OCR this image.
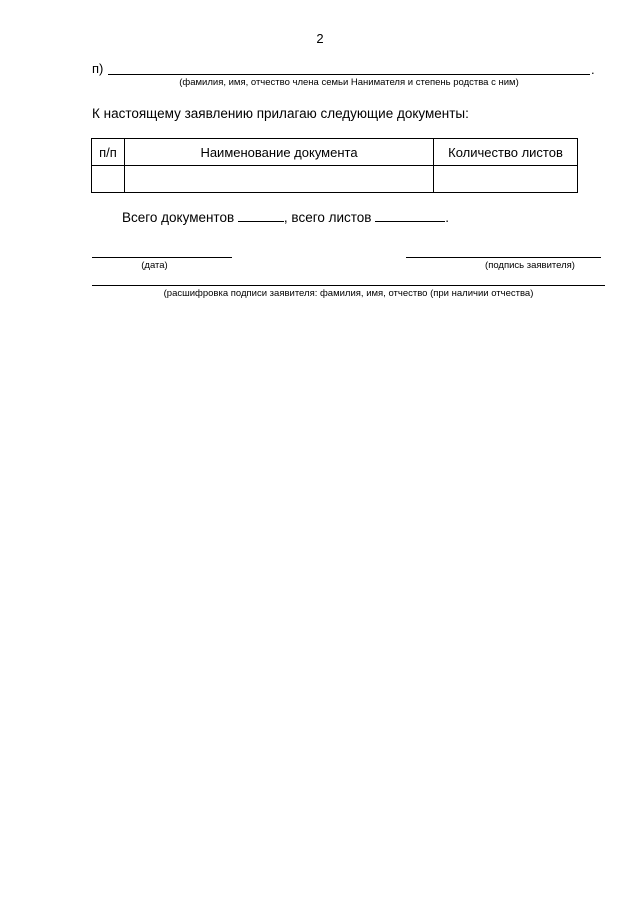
2
п)	.
(фамилия, имя, отчество члена семьи Нанимателя и степень родства с ним)
К настоящему заявлению прилагаю следующие документы:
п/п	Наименование документа	Количество листов

Всего документов	, всего листов	.
(дата)	(подпись заявителя)
(расшифровка подписи заявителя: фамилия, имя, отчество (при наличии отчества)
